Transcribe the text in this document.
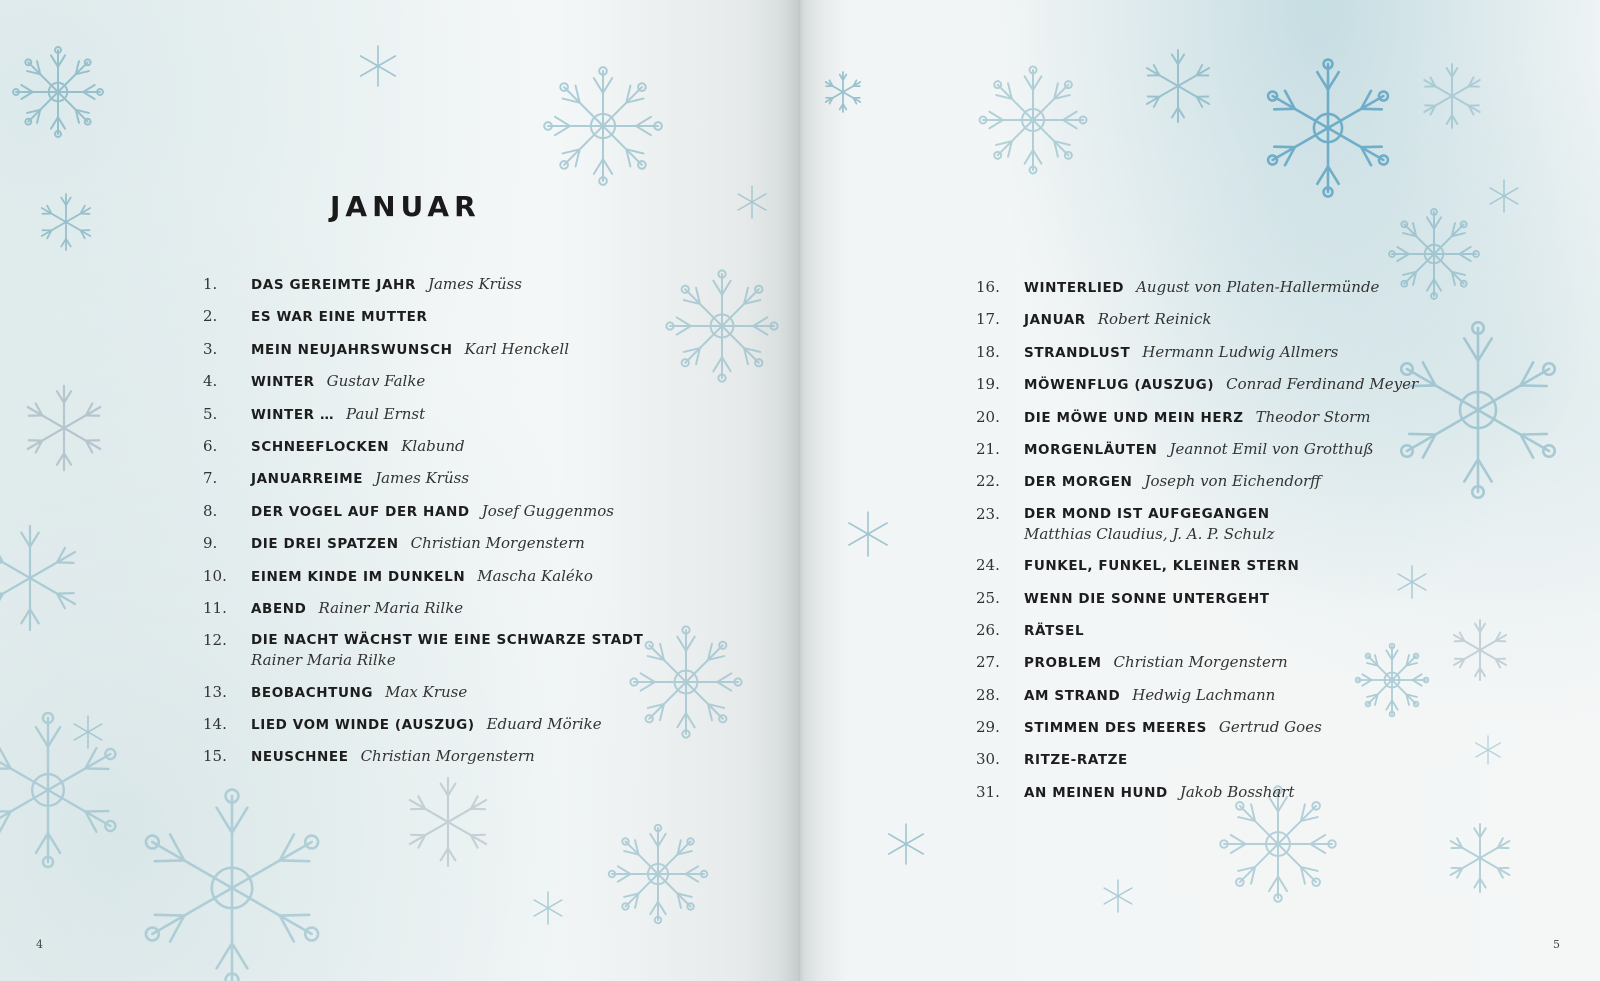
JANUAR
1. DAS GEREIMTE JAHR James Krüss
2. ES WAR EINE MUTTER
3. MEIN NEUJAHRSWUNSCH Karl Henckell
4. WINTER Gustav Falke
5. WINTER … Paul Ernst
6. SCHNEEFLOCKEN Klabund
7. JANUARREIME James Krüss
8. DER VOGEL AUF DER HAND Josef Guggenmos
9. DIE DREI SPATZEN Christian Morgenstern
10. EINEM KINDE IM DUNKELN Mascha Kaléko
11. ABEND Rainer Maria Rilke
12. DIE NACHT WÄCHST WIE EINE SCHWARZE STADT
Rainer Maria Rilke
13. BEOBACHTUNG Max Kruse
14. LIED VOM WINDE (AUSZUG) Eduard Mörike
15. NEUSCHNEE Christian Morgenstern
4
16. WINTERLIED August von Platen-Hallermünde
17. JANUAR Robert Reinick
18. STRANDLUST Hermann Ludwig Allmers
19. MÖWENFLUG (AUSZUG) Conrad Ferdinand Meyer
20. DIE MÖWE UND MEIN HERZ Theodor Storm
21. MORGENLÄUTEN Jeannot Emil von Grotthuß
22. DER MORGEN Joseph von Eichendorff
23. DER MOND IST AUFGEGANGEN
Matthias Claudius, J. A. P. Schulz
24. FUNKEL, FUNKEL, KLEINER STERN
25. WENN DIE SONNE UNTERGEHT
26. RÄTSEL
27. PROBLEM Christian Morgenstern
28. AM STRAND Hedwig Lachmann
29. STIMMEN DES MEERES Gertrud Goes
30. RITZE-RATZE
31. AN MEINEN HUND Jakob Bosshart
5
